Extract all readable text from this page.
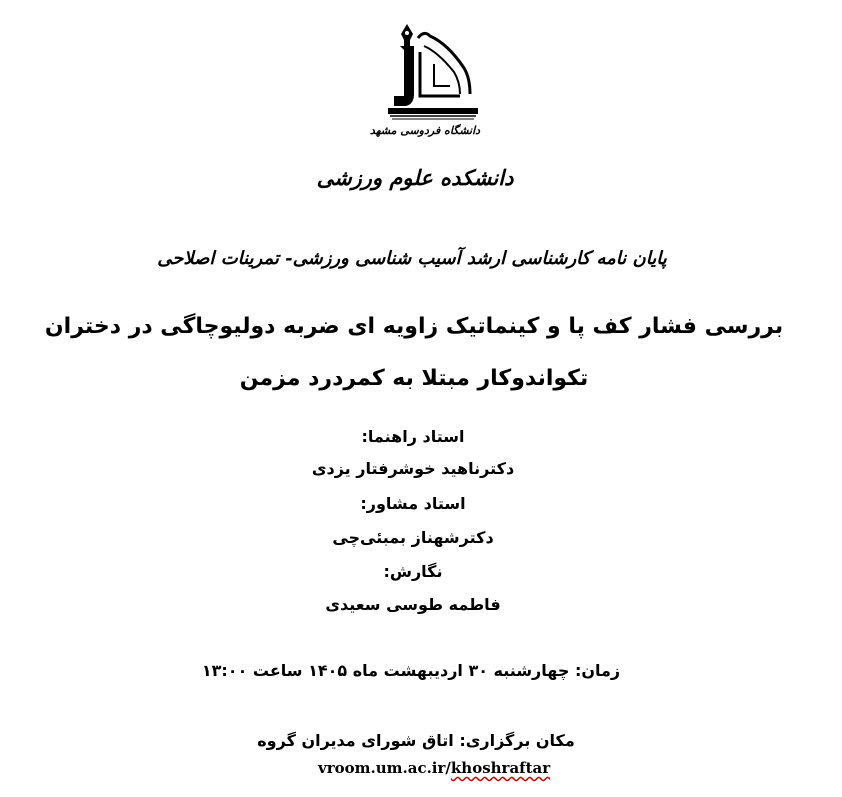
دانشگاه فردوسی مشهد
دانشکده علوم ورزشی
پایان نامه کارشناسی ارشد آسیب شناسی ورزشی- تمرینات اصلاحی
بررسی فشار کف پا و کینماتیک زاویه ای ضربه دولیوچاگی در دختران
تکواندوکار مبتلا به کمردرد مزمن
استاد راهنما:
دکترناهید خوشرفتار یزدی
استاد مشاور:
دکترشهناز بمبئی‌چی
نگارش:
فاطمه طوسی سعیدی
زمان: چهارشنبه ۳۰ اردیبهشت ماه ۱۴۰۵ ساعت ۱۳:۰۰
مکان برگزاری: اتاق شورای مدیران گروه
vroom.um.ac.ir/khoshraftar
